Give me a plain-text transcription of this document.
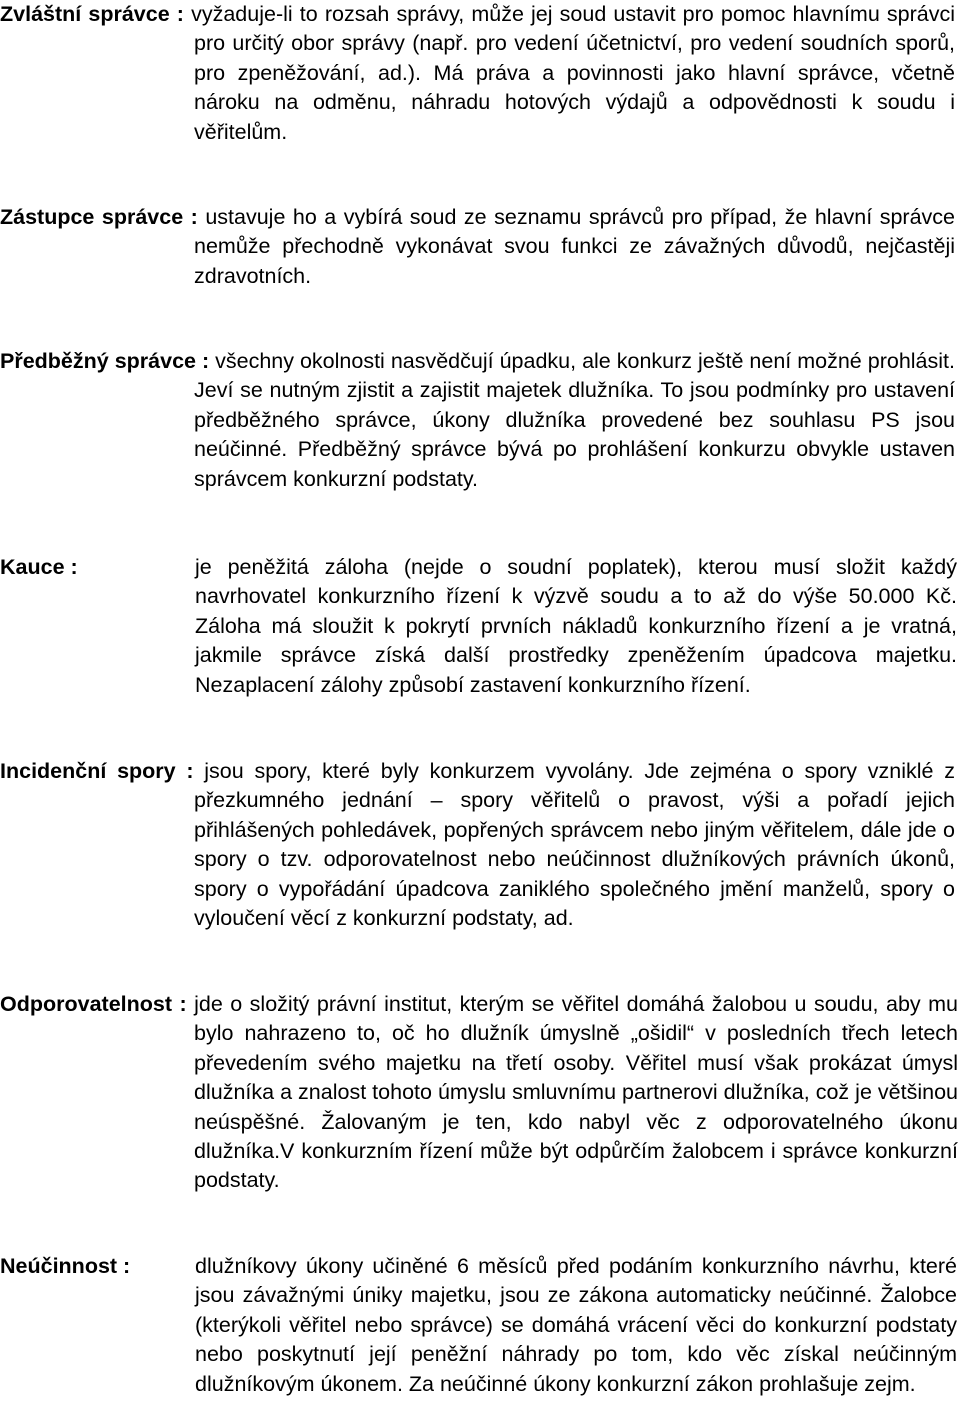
Zvláštní správce : vyžaduje-li to rozsah správy, může jej soud ustavit pro pomoc hlavnímu správci pro určitý obor správy (např. pro vedení účetnictví, pro vedení soudních sporů, pro zpeněžování, ad.). Má práva a povinnosti jako hlavní správce, včetně nároku na odměnu, náhradu hotových výdajů a odpovědnosti k soudu i věřitelům.

Zástupce správce : ustavuje ho a vybírá soud ze seznamu správců pro případ, že hlavní správce nemůže přechodně vykonávat svou funkci ze závažných důvodů, nejčastěji zdravotních.

Předběžný správce : všechny okolnosti nasvědčují úpadku, ale konkurz ještě není možné prohlásit. Jeví se nutným zjistit a zajistit majetek dlužníka. To jsou podmínky pro ustavení předběžného správce, úkony dlužníka provedené bez souhlasu PS jsou neúčinné. Předběžný správce bývá po prohlášení konkurzu obvykle ustaven správcem konkurzní podstaty.

Kauce :	je peněžitá záloha (nejde o soudní poplatek), kterou musí složit každý navrhovatel konkurzního řízení k výzvě soudu a to až do výše 50.000 Kč. Záloha má sloužit k pokrytí prvních nákladů konkurzního řízení a je vratná, jakmile správce získá další prostředky zpeněžením úpadcova majetku. Nezaplacení zálohy způsobí zastavení konkurzního řízení.

Incidenční spory : jsou spory, které byly konkurzem vyvolány. Jde zejména o spory vzniklé z přezkumného jednání – spory věřitelů o pravost, výši a pořadí jejich přihlášených pohledávek, popřených správcem nebo jiným věřitelem, dále jde o spory o tzv. odporovatelnost nebo neúčinnost dlužníkových právních úkonů, spory o vypořádání úpadcova zaniklého společného jmění manželů, spory o vyloučení věcí z konkurzní podstaty, ad.

Odporovatelnost : jde o složitý právní institut, kterým se věřitel domáhá žalobou u soudu, aby mu bylo nahrazeno to, oč ho dlužník úmyslně „ošidil“ v posledních třech letech převedením svého majetku na třetí osoby. Věřitel musí však prokázat úmysl dlužníka a znalost tohoto úmyslu smluvnímu partnerovi dlužníka, což je většinou neúspěšné. Žalovaným je ten, kdo nabyl věc z odporovatelného úkonu dlužníka.V konkurzním řízení může být odpůrčím žalobcem i správce konkurzní podstaty.

Neúčinnost :	dlužníkovy úkony učiněné 6 měsíců před podáním konkurzního návrhu, které jsou závažnými úniky majetku, jsou ze zákona automaticky neúčinné. Žalobce (kterýkoli věřitel nebo správce) se domáhá vrácení věci do konkurzní podstaty nebo poskytnutí její peněžní náhrady po tom, kdo věc získal neúčinným dlužníkovým úkonem. Za neúčinné úkony konkurzní zákon prohlašuje zejm.
